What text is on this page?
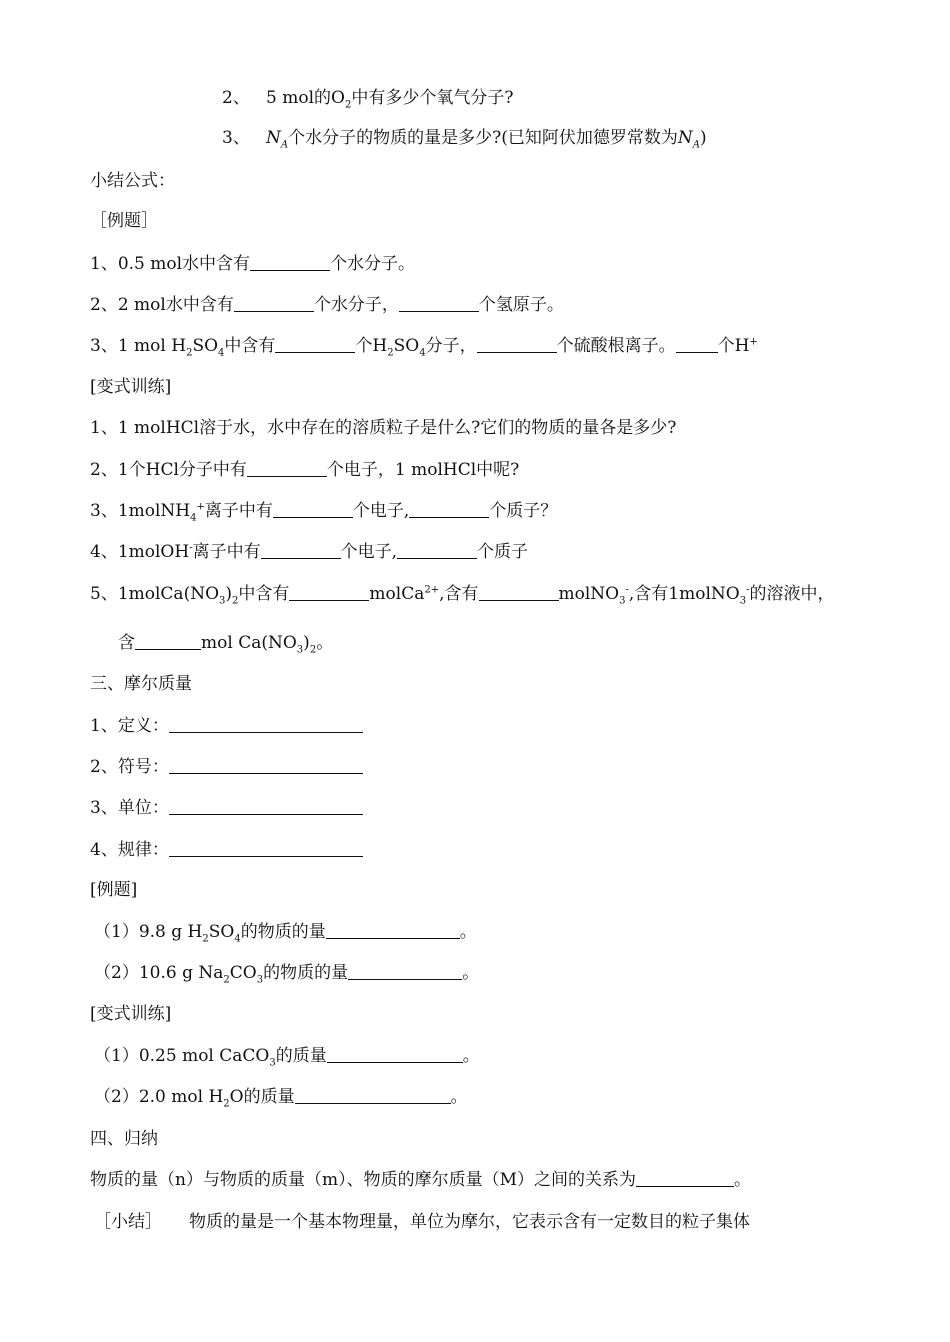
2、 5 mol的$O_2$中有多少个氧气分子?
3、 $N_A$个水分子的物质的量是多少?(已知阿伏加德罗常数为$N_A$)
小结公式：
［例题］
1、0.5 mol水中含有	个水分子。
2、2 mol水中含有	个水分子，	个氢原子。
3、1 mol $H_2SO_4$中含有	个$H_2SO_4$分子，	个硫酸根离子。 个H+
[变式训练]
1、1 molHCl溶于水，水中存在的溶质粒子是什么?它们的物质的量各是多少?
2、1个HCl分子中有	个电子，1 molHCl中呢?
3、1molNH$_4$+离子中有	个电子,	个质子？
4、1molOH-离子中有	个电子,	个质子
5、$1molCa(NO_3)_2$中含有	molCa$^{2+}$,含有	molNO$_3$-,含有1molNO$_3$-的溶液中，
含	mol $Ca(NO_3)_2$。
三、摩尔质量
1、定义：
2、符号：
3、单位：
4、规律：
[例题]
（1）9.8 g $H_2SO_4$的物质的量	。
（2）10.6 g $Na_2CO_3$的物质的量	。
[变式训练]
（1）0.25 mol CaCO$_3$的质量	。
（2）2.0 mol $H_2O$的质量	。
四、归纳
物质的量（n）与物质的质量（m）、物质的摩尔质量（M）之间的关系为	。
［小结］ 物质的量是一个基本物理量，单位为摩尔，它表示含有一定数目的粒子集体
